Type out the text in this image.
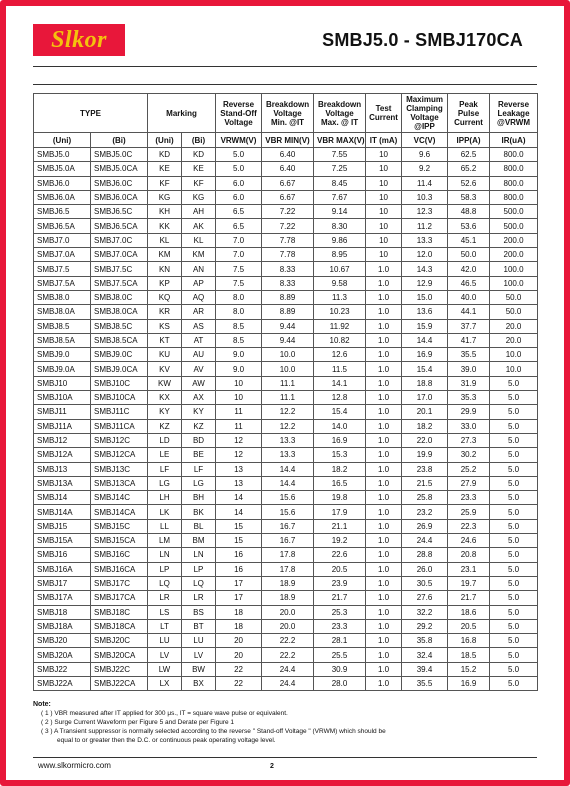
Slkor	SMBJ5.0 - SMBJ170CA
TYPE		Marking		Reverse Stand-Off Voltage	Breakdown Voltage Min. @IT	Breakdown Voltage Max. @ IT	Test Current	Maximum Clamping Voltage @IPP	Peak Pulse Current	Reverse Leakage @VRWM
(Uni)	(Bi)	(Uni)	(Bi)	VRWM(V)	VBR MIN(V)	VBR MAX(V)	IT (mA)	VC(V)	IPP(A)	IR(uA)
SMBJ5.0	SMBJ5.0C	KD	KD	5.0	6.40	7.55	10	9.6	62.5	800.0
SMBJ5.0A	SMBJ5.0CA	KE	KE	5.0	6.40	7.25	10	9.2	65.2	800.0
SMBJ6.0	SMBJ6.0C	KF	KF	6.0	6.67	8.45	10	11.4	52.6	800.0
SMBJ6.0A	SMBJ6.0CA	KG	KG	6.0	6.67	7.67	10	10.3	58.3	800.0
SMBJ6.5	SMBJ6.5C	KH	AH	6.5	7.22	9.14	10	12.3	48.8	500.0
SMBJ6.5A	SMBJ6.5CA	KK	AK	6.5	7.22	8.30	10	11.2	53.6	500.0
SMBJ7.0	SMBJ7.0C	KL	KL	7.0	7.78	9.86	10	13.3	45.1	200.0
SMBJ7.0A	SMBJ7.0CA	KM	KM	7.0	7.78	8.95	10	12.0	50.0	200.0
SMBJ7.5	SMBJ7.5C	KN	AN	7.5	8.33	10.67	1.0	14.3	42.0	100.0
SMBJ7.5A	SMBJ7.5CA	KP	AP	7.5	8.33	9.58	1.0	12.9	46.5	100.0
SMBJ8.0	SMBJ8.0C	KQ	AQ	8.0	8.89	11.3	1.0	15.0	40.0	50.0
SMBJ8.0A	SMBJ8.0CA	KR	AR	8.0	8.89	10.23	1.0	13.6	44.1	50.0
SMBJ8.5	SMBJ8.5C	KS	AS	8.5	9.44	11.92	1.0	15.9	37.7	20.0
SMBJ8.5A	SMBJ8.5CA	KT	AT	8.5	9.44	10.82	1.0	14.4	41.7	20.0
SMBJ9.0	SMBJ9.0C	KU	AU	9.0	10.0	12.6	1.0	16.9	35.5	10.0
SMBJ9.0A	SMBJ9.0CA	KV	AV	9.0	10.0	11.5	1.0	15.4	39.0	10.0
SMBJ10	SMBJ10C	KW	AW	10	11.1	14.1	1.0	18.8	31.9	5.0
SMBJ10A	SMBJ10CA	KX	AX	10	11.1	12.8	1.0	17.0	35.3	5.0
SMBJ11	SMBJ11C	KY	KY	11	12.2	15.4	1.0	20.1	29.9	5.0
SMBJ11A	SMBJ11CA	KZ	KZ	11	12.2	14.0	1.0	18.2	33.0	5.0
SMBJ12	SMBJ12C	LD	BD	12	13.3	16.9	1.0	22.0	27.3	5.0
SMBJ12A	SMBJ12CA	LE	BE	12	13.3	15.3	1.0	19.9	30.2	5.0
SMBJ13	SMBJ13C	LF	LF	13	14.4	18.2	1.0	23.8	25.2	5.0
SMBJ13A	SMBJ13CA	LG	LG	13	14.4	16.5	1.0	21.5	27.9	5.0
SMBJ14	SMBJ14C	LH	BH	14	15.6	19.8	1.0	25.8	23.3	5.0
SMBJ14A	SMBJ14CA	LK	BK	14	15.6	17.9	1.0	23.2	25.9	5.0
SMBJ15	SMBJ15C	LL	BL	15	16.7	21.1	1.0	26.9	22.3	5.0
SMBJ15A	SMBJ15CA	LM	BM	15	16.7	19.2	1.0	24.4	24.6	5.0
SMBJ16	SMBJ16C	LN	LN	16	17.8	22.6	1.0	28.8	20.8	5.0
SMBJ16A	SMBJ16CA	LP	LP	16	17.8	20.5	1.0	26.0	23.1	5.0
SMBJ17	SMBJ17C	LQ	LQ	17	18.9	23.9	1.0	30.5	19.7	5.0
SMBJ17A	SMBJ17CA	LR	LR	17	18.9	21.7	1.0	27.6	21.7	5.0
SMBJ18	SMBJ18C	LS	BS	18	20.0	25.3	1.0	32.2	18.6	5.0
SMBJ18A	SMBJ18CA	LT	BT	18	20.0	23.3	1.0	29.2	20.5	5.0
SMBJ20	SMBJ20C	LU	LU	20	22.2	28.1	1.0	35.8	16.8	5.0
SMBJ20A	SMBJ20CA	LV	LV	20	22.2	25.5	1.0	32.4	18.5	5.0
SMBJ22	SMBJ22C	LW	BW	22	24.4	30.9	1.0	39.4	15.2	5.0
SMBJ22A	SMBJ22CA	LX	BX	22	24.4	28.0	1.0	35.5	16.9	5.0
Note:
( 1 ) VBR measured after IT applied for 300 μs., IT = square wave pulse or equivalent.
( 2 ) Surge Current Waveform per Figure 5 and Derate per Figure 1
( 3 ) A Transient suppressor is normally selected according to the reverse " Stand-off Voltage " (VRWM) which should be
equal to or greater then the D.C. or continuous peak operating voltage level.
www.slkormicro.com	2
